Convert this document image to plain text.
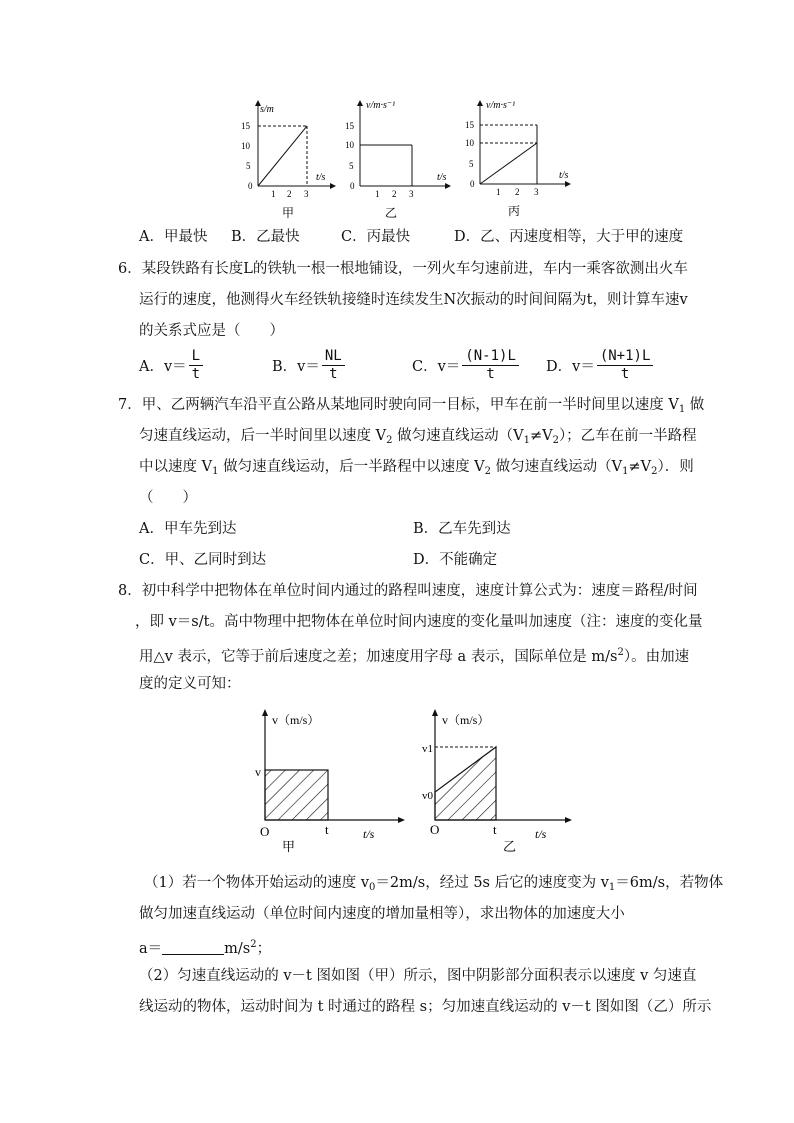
s/m
t/s
15
10
5
0
1 2 3
甲
v/m·s⁻¹
t/s
15
10
5
0
1 2 3
乙
v/m·s⁻¹
t/s
15
10
5
0
1 2 3
丙
A．甲最快 B．乙最快	C．丙最快	D．乙、丙速度相等，大于甲的速度
6．某段铁路有长度L的铁轨一根一根地铺设，一列火车匀速前进，车内一乘客欲测出火车
运行的速度，他测得火车经铁轨接缝时连续发生N次振动的时间间隔为t，则计算车速v
的关系式应是（　　）
A．$v= \frac{L}{t}$	B．$v= \frac{NL}{t}$	C．$v= \frac{(N-1)L}{t}$ D．$v= \frac{(N+1)L}{t}$
7．甲、乙两辆汽车沿平直公路从某地同时驶向同一目标，甲车在前一半时间里以速度 $V_1$ 做
匀速直线运动，后一半时间里以速度 $V_2$ 做匀速直线运动$(V_1\ne V_2)$；乙车在前一半路程
中以速度 $V_1$ 做匀速直线运动，后一半路程中以速度 $V_2$ 做匀速直线运动$(V_1\ne V_2)$．则
（　　）
A．甲车先到达	B．乙车先到达
C．甲、乙同时到达	D．不能确定
8．初中科学中把物体在单位时间内通过的路程叫速度，速度计算公式为：速度＝路程/时间
，即 v＝s/t。高中物理中把物体在单位时间内速度的变化量叫加速度（注：速度的变化量
用△v 表示，它等于前后速度之差；加速度用字母 a 表示，国际单位是 $m/s^2$）。由加速
度的定义可知：
v（m/s）
v
O	t	t/s
甲
v（m/s）
v1
v0
O	t	t/s
乙
（1）若一个物体开始运动的速度 $v_0=2m/s$，经过 5s 后它的速度变为 $v_1=6m/s$，若物体
做匀加速直线运动（单位时间内速度的增加量相等），求出物体的加速度大小
a＝	$m/s^2$；
（2）匀速直线运动的 v－t 图如图（甲）所示，图中阴影部分面积表示以速度 v 匀速直
线运动的物体，运动时间为 t 时通过的路程 s；匀加速直线运动的 v－t 图如图（乙）所示
